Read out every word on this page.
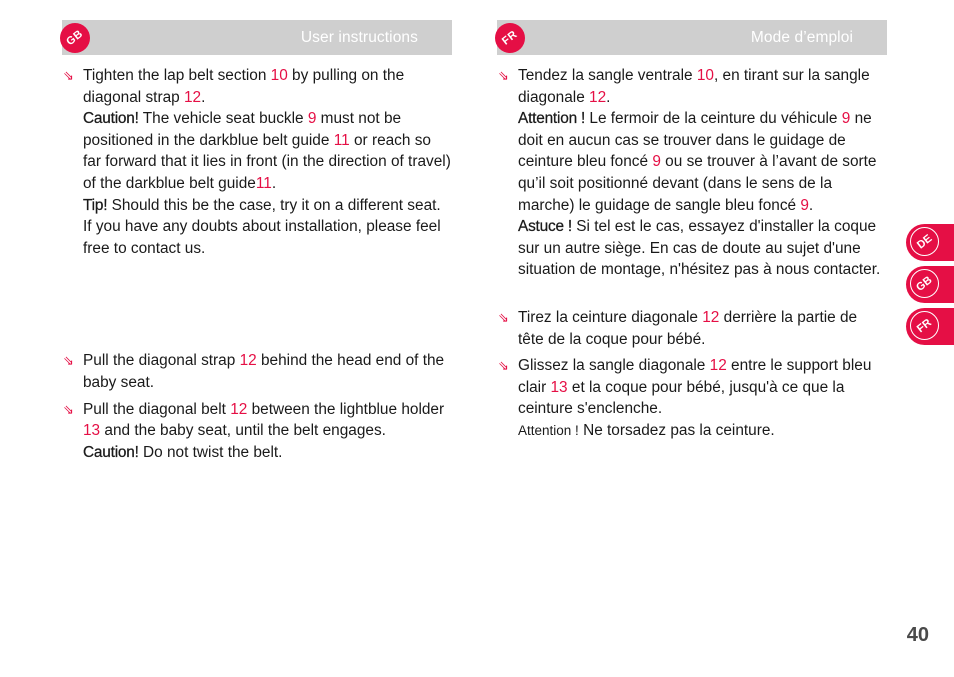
GB	User instructions

⇘ Tighten the lap belt section 10 by pulling on the diagonal strap 12.

Caution! The vehicle seat buckle 9 must not be positioned in the darkblue belt guide 11 or reach so far forward that it lies in front (in the direction of travel) of the darkblue belt guide11.

Tip! Should this be the case, try it on a different seat. If you have any doubts about installation, please feel free to contact us.

⇘ Pull the diagonal strap 12 behind the head end of the baby seat.

⇘ Pull the diagonal belt 12 between the lightblue holder 13 and the baby seat, until the belt engages.

Caution! Do not twist the belt.

FR	Mode d’emploi

⇘ Tendez la sangle ventrale 10, en tirant sur la sangle diagonale 12.

Attention ! Le fermoir de la ceinture du véhicule 9 ne doit en aucun cas se trouver dans le guidage de ceinture bleu foncé 9 ou se trouver à l’avant de sorte qu’il soit positionné devant (dans le sens de la marche) le guidage de sangle bleu foncé 9.

Astuce ! Si tel est le cas, essayez d'installer la coque sur un autre siège. En cas de doute au sujet d'une situation de montage, n'hésitez pas à nous contacter.

⇘ Tirez la ceinture diagonale 12 derrière la partie de tête de la coque pour bébé.

⇘ Glissez la sangle diagonale 12 entre le support bleu clair 13 et la coque pour bébé, jusqu'à ce que la ceinture s'enclenche.

Attention ! Ne torsadez pas la ceinture.

DE
GB
FR
40
